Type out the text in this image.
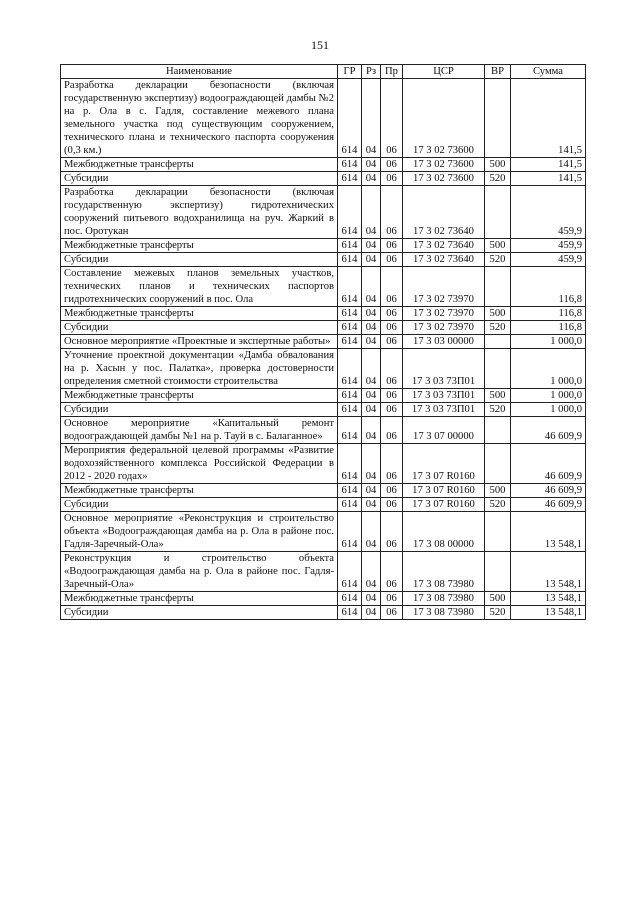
151
Наименование	ГР	Рз	Пр	ЦСР	ВР	Сумма
Разработка декларации безопасности (включая государственную экспертизу) водоограждающей дамбы №2 на р. Ола в с. Гадля, составление межевого плана земельного участка под существующим сооружением, технического плана и технического паспорта сооружения (0,3 км.)	614	04	06	17 3 02 73600		141,5
Межбюджетные трансферты	614	04	06	17 3 02 73600	500	141,5
Субсидии	614	04	06	17 3 02 73600	520	141,5
Разработка декларации безопасности (включая государственную экспертизу) гидротехнических сооружений питьевого водохранилища на руч. Жаркий в пос. Оротукан	614	04	06	17 3 02 73640		459,9
Межбюджетные трансферты	614	04	06	17 3 02 73640	500	459,9
Субсидии	614	04	06	17 3 02 73640	520	459,9
Составление межевых планов земельных участков, технических планов и технических паспортов гидротехнических сооружений в пос. Ола	614	04	06	17 3 02 73970		116,8
Межбюджетные трансферты	614	04	06	17 3 02 73970	500	116,8
Субсидии	614	04	06	17 3 02 73970	520	116,8
Основное мероприятие «Проектные и экспертные работы»	614	04	06	17 3 03 00000		1 000,0
Уточнение проектной документации «Дамба обвалования на р. Хасын у пос. Палатка», проверка достоверности определения сметной стоимости строительства	614	04	06	17 3 03 73П01		1 000,0
Межбюджетные трансферты	614	04	06	17 3 03 73П01	500	1 000,0
Субсидии	614	04	06	17 3 03 73П01	520	1 000,0
Основное мероприятие «Капитальный ремонт водоограждающей дамбы №1 на р. Тауй в с. Балаганное»	614	04	06	17 3 07 00000		46 609,9
Мероприятия федеральной целевой программы «Развитие водохозяйственного комплекса Российской Федерации в 2012 - 2020 годах»	614	04	06	17 3 07 R0160		46 609,9
Межбюджетные трансферты	614	04	06	17 3 07 R0160	500	46 609,9
Субсидии	614	04	06	17 3 07 R0160	520	46 609,9
Основное мероприятие «Реконструкция и строительство объекта «Водоограждающая дамба на р. Ола в районе пос. Гадля-Заречный-Ола»	614	04	06	17 3 08 00000		13 548,1
Реконструкция и строительство объекта «Водоограждающая дамба на р. Ола в районе пос. Гадля-Заречный-Ола»	614	04	06	17 3 08 73980		13 548,1
Межбюджетные трансферты	614	04	06	17 3 08 73980	500	13 548,1
Субсидии	614	04	06	17 3 08 73980	520	13 548,1
